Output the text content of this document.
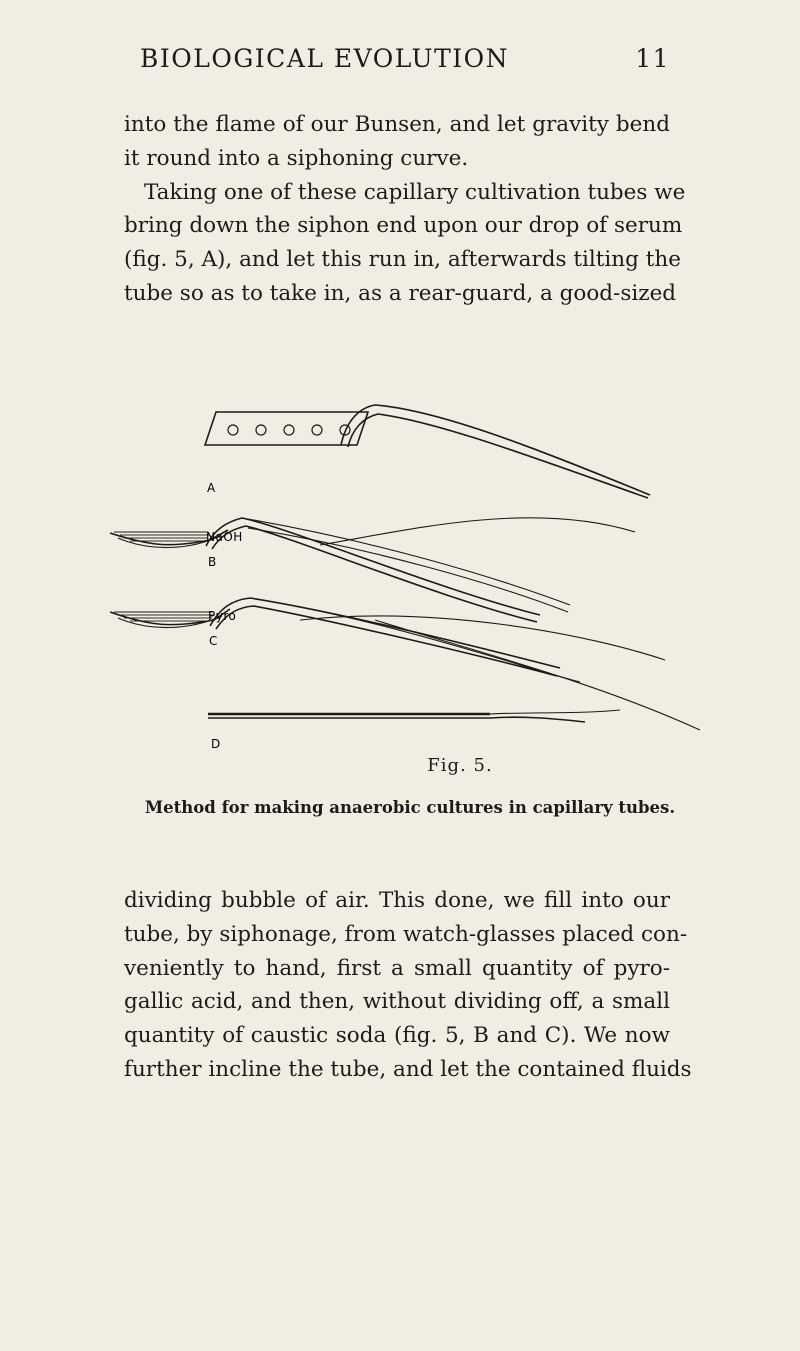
BIOLOGICAL EVOLUTION	11
into the flame of our Bunsen, and let gravity bend
it round into a siphoning curve.
Taking one of these capillary cultivation tubes we
bring down the siphon end upon our drop of serum
(fig. 5, A), and let this run in, afterwards tilting the
tube so as to take in, as a rear-guard, a good-sized
NaOH
Pyro
A
B
C
D
Fig. 5.
Method for making anaerobic cultures in capillary tubes.
dividing bubble of air. This done, we fill into our
tube, by siphonage, from watch-glasses placed con-
veniently to hand, first a small quantity of pyro-
gallic acid, and then, without dividing off, a small
quantity of caustic soda (fig. 5, B and C). We now
further incline the tube, and let the contained fluids
